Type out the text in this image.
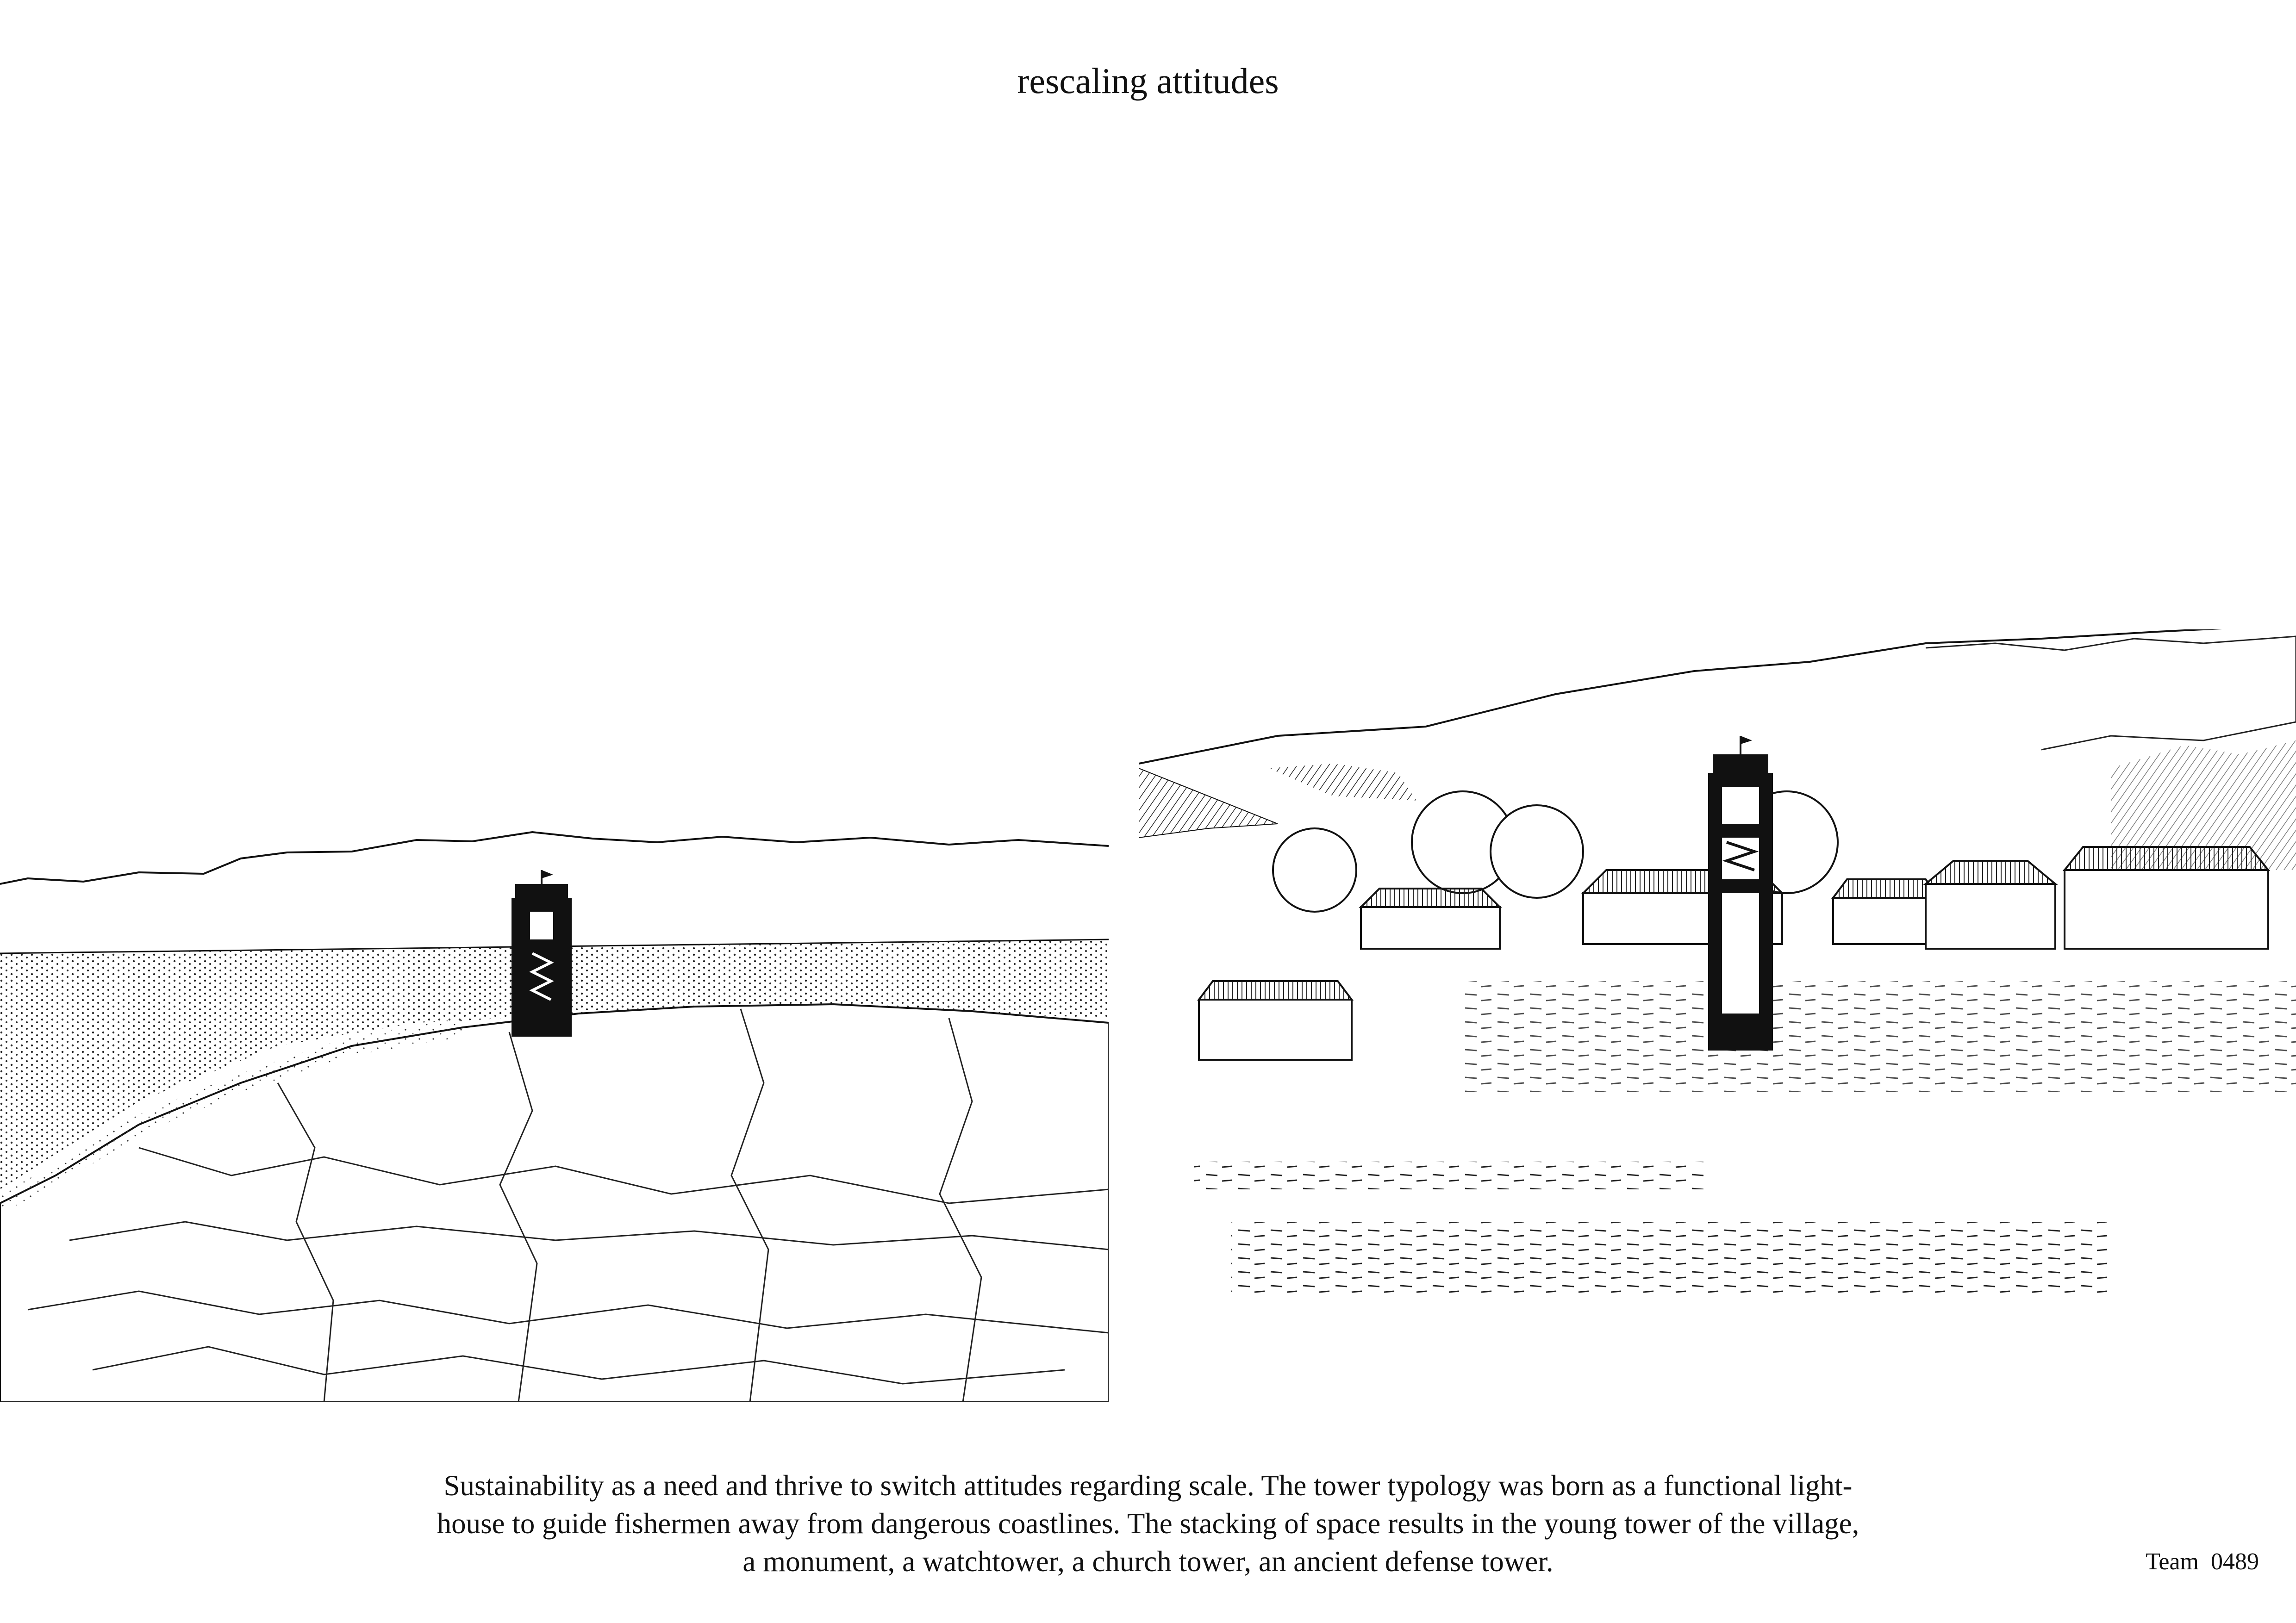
rescaling attitudes
Sustainability as a need and thrive to switch attitudes regarding scale. The tower typology was born as a functional light-
house to guide fishermen away from dangerous coastlines. The stacking of space results in the young tower of the village,
a monument, a watchtower, a church tower, an ancient defense tower.	Team 0489
